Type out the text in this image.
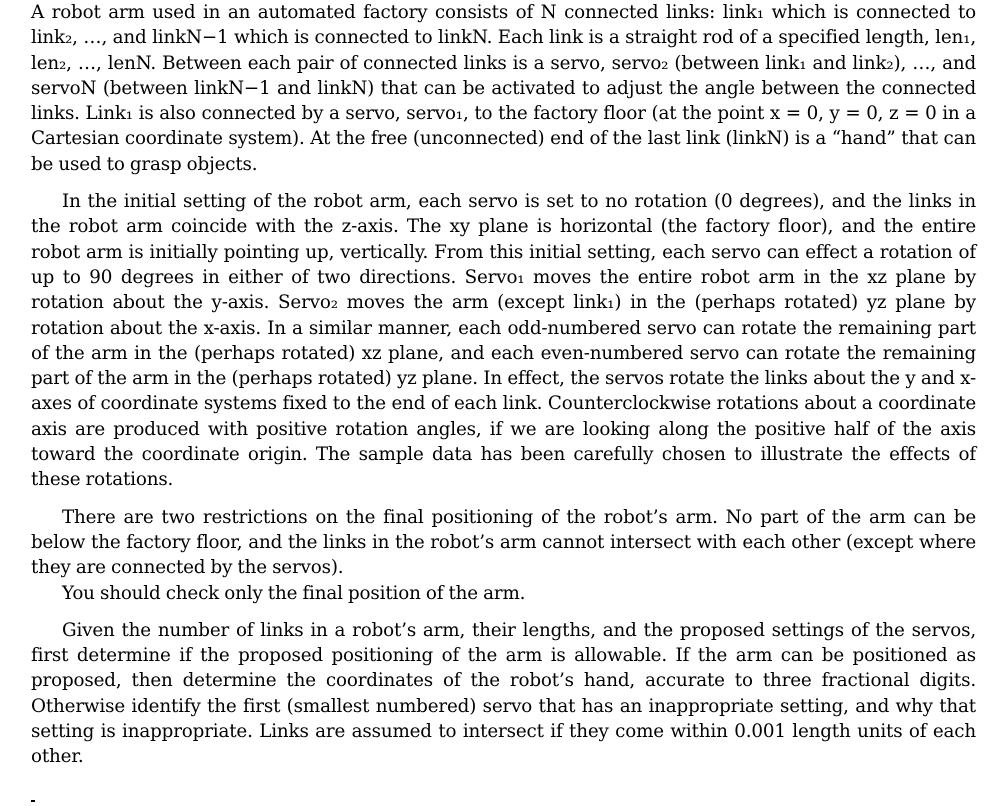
A robot arm used in an automated factory consists of N connected links: link₁ which is connected to link₂, …, and linkN−1 which is connected to linkN. Each link is a straight rod of a specified length, len₁, len₂, …, lenN. Between each pair of connected links is a servo, servo₂ (between link₁ and link₂), …, and servoN (between linkN−1 and linkN) that can be activated to adjust the angle between the connected links. Link₁ is also connected by a servo, servo₁, to the factory floor (at the point x = 0, y = 0, z = 0 in a Cartesian coordinate system). At the free (unconnected) end of the last link (linkN) is a “hand” that can be used to grasp objects.

In the initial setting of the robot arm, each servo is set to no rotation (0 degrees), and the links in the robot arm coincide with the z-axis. The xy plane is horizontal (the factory floor), and the entire robot arm is initially pointing up, vertically. From this initial setting, each servo can effect a rotation of up to 90 degrees in either of two directions. Servo₁ moves the entire robot arm in the xz plane by rotation about the y-axis. Servo₂ moves the arm (except link₁) in the (perhaps rotated) yz plane by rotation about the x-axis. In a similar manner, each odd-numbered servo can rotate the remaining part of the arm in the (perhaps rotated) xz plane, and each even-numbered servo can rotate the remaining part of the arm in the (perhaps rotated) yz plane. In effect, the servos rotate the links about the y and x-axes of coordinate systems fixed to the end of each link. Counterclockwise rotations about a coordinate axis are produced with positive rotation angles, if we are looking along the positive half of the axis toward the coordinate origin. The sample data has been carefully chosen to illustrate the effects of these rotations.

There are two restrictions on the final positioning of the robot’s arm. No part of the arm can be below the factory floor, and the links in the robot’s arm cannot intersect with each other (except where they are connected by the servos).

You should check only the final position of the arm.

Given the number of links in a robot’s arm, their lengths, and the proposed settings of the servos, first determine if the proposed positioning of the arm is allowable. If the arm can be positioned as proposed, then determine the coordinates of the robot’s hand, accurate to three fractional digits. Otherwise identify the first (smallest numbered) servo that has an inappropriate setting, and why that setting is inappropriate. Links are assumed to intersect if they come within 0.001 length units of each other.
